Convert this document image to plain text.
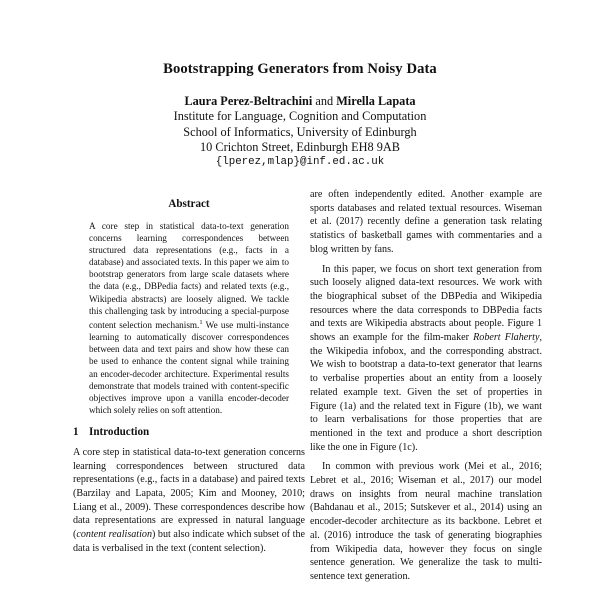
Bootstrapping Generators from Noisy Data
Laura Perez-Beltrachini and Mirella Lapata
Institute for Language, Cognition and Computation
School of Informatics, University of Edinburgh
10 Crichton Street, Edinburgh EH8 9AB
{lperez,mlap}@inf.ed.ac.uk
Abstract

A core step in statistical data-to-text generation concerns learning correspondences between structured data representations (e.g., facts in a database) and associated texts. In this paper we aim to bootstrap generators from large scale datasets where the data (e.g., DBPedia facts) and related texts (e.g., Wikipedia abstracts) are loosely aligned. We tackle this challenging task by introducing a special-purpose content selection mechanism.$^1$ We use multi-instance learning to automatically discover correspondences between data and text pairs and show how these can be used to enhance the content signal while training an encoder-decoder architecture. Experimental results demonstrate that models trained with content-specific objectives improve upon a vanilla encoder-decoder which solely relies on soft attention.

1 Introduction

A core step in statistical data-to-text generation concerns learning correspondences between structured data representations (e.g., facts in a database) and paired texts (Barzilay and Lapata, 2005; Kim and Mooney, 2010; Liang et al., 2009). These correspondences describe how data representations are expressed in natural language (content realisation) but also indicate which subset of the data is verbalised in the text (content selection).

are often independently edited. Another example are sports databases and related textual resources. Wiseman et al. (2017) recently define a generation task relating statistics of basketball games with commentaries and a blog written by fans.

In this paper, we focus on short text generation from such loosely aligned data-text resources. We work with the biographical subset of the DBPedia and Wikipedia resources where the data corresponds to DBPedia facts and texts are Wikipedia abstracts about people. Figure 1 shows an example for the film-maker Robert Flaherty, the Wikipedia infobox, and the corresponding abstract. We wish to bootstrap a data-to-text generator that learns to verbalise properties about an entity from a loosely related example text. Given the set of properties in Figure (1a) and the related text in Figure (1b), we want to learn verbalisations for those properties that are mentioned in the text and produce a short description like the one in Figure (1c).

In common with previous work (Mei et al., 2016; Lebret et al., 2016; Wiseman et al., 2017) our model draws on insights from neural machine translation (Bahdanau et al., 2015; Sutskever et al., 2014) using an encoder-decoder architecture as its backbone. Lebret et al. (2016) introduce the task of generating biographies from Wikipedia data, however they focus on single sentence generation. We generalize the task to multi-sentence text generation.
